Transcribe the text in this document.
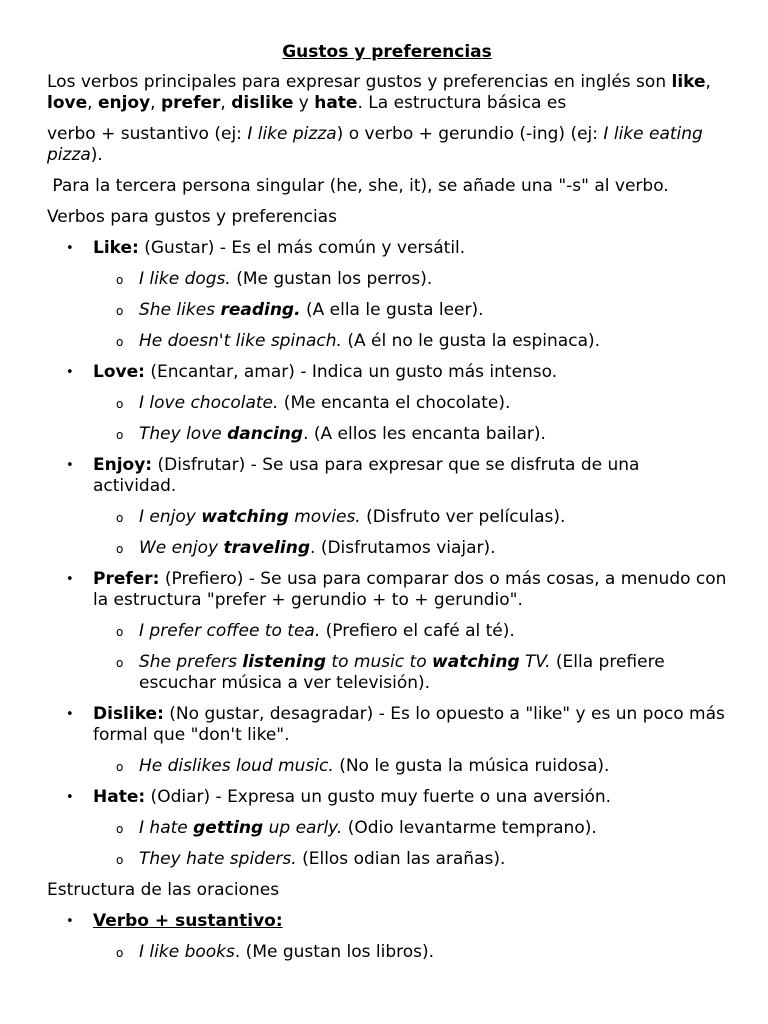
Gustos y preferencias
Los verbos principales para expresar gustos y preferencias en inglés son like, love, enjoy, prefer, dislike y hate. La estructura básica es
verbo + sustantivo (ej: I like pizza) o verbo + gerundio (-ing) (ej: I like eating pizza).
Para la tercera persona singular (he, she, it), se añade una "-s" al verbo.
Verbos para gustos y preferencias
• Like: (Gustar) - Es el más común y versátil.
o I like dogs. (Me gustan los perros).
o She likes reading. (A ella le gusta leer).
o He doesn't like spinach. (A él no le gusta la espinaca).
• Love: (Encantar, amar) - Indica un gusto más intenso.
o I love chocolate. (Me encanta el chocolate).
o They love dancing. (A ellos les encanta bailar).
• Enjoy: (Disfrutar) - Se usa para expresar que se disfruta de una actividad.
o I enjoy watching movies. (Disfruto ver películas).
o We enjoy traveling. (Disfrutamos viajar).
• Prefer: (Prefiero) - Se usa para comparar dos o más cosas, a menudo con la estructura "prefer + gerundio + to + gerundio".
o I prefer coffee to tea. (Prefiero el café al té).
o She prefers listening to music to watching TV. (Ella prefiere escuchar música a ver televisión).
• Dislike: (No gustar, desagradar) - Es lo opuesto a "like" y es un poco más formal que "don't like".
o He dislikes loud music. (No le gusta la música ruidosa).
• Hate: (Odiar) - Expresa un gusto muy fuerte o una aversión.
o I hate getting up early. (Odio levantarme temprano).
o They hate spiders. (Ellos odian las arañas).
Estructura de las oraciones
• Verbo + sustantivo:
o I like books. (Me gustan los libros).
